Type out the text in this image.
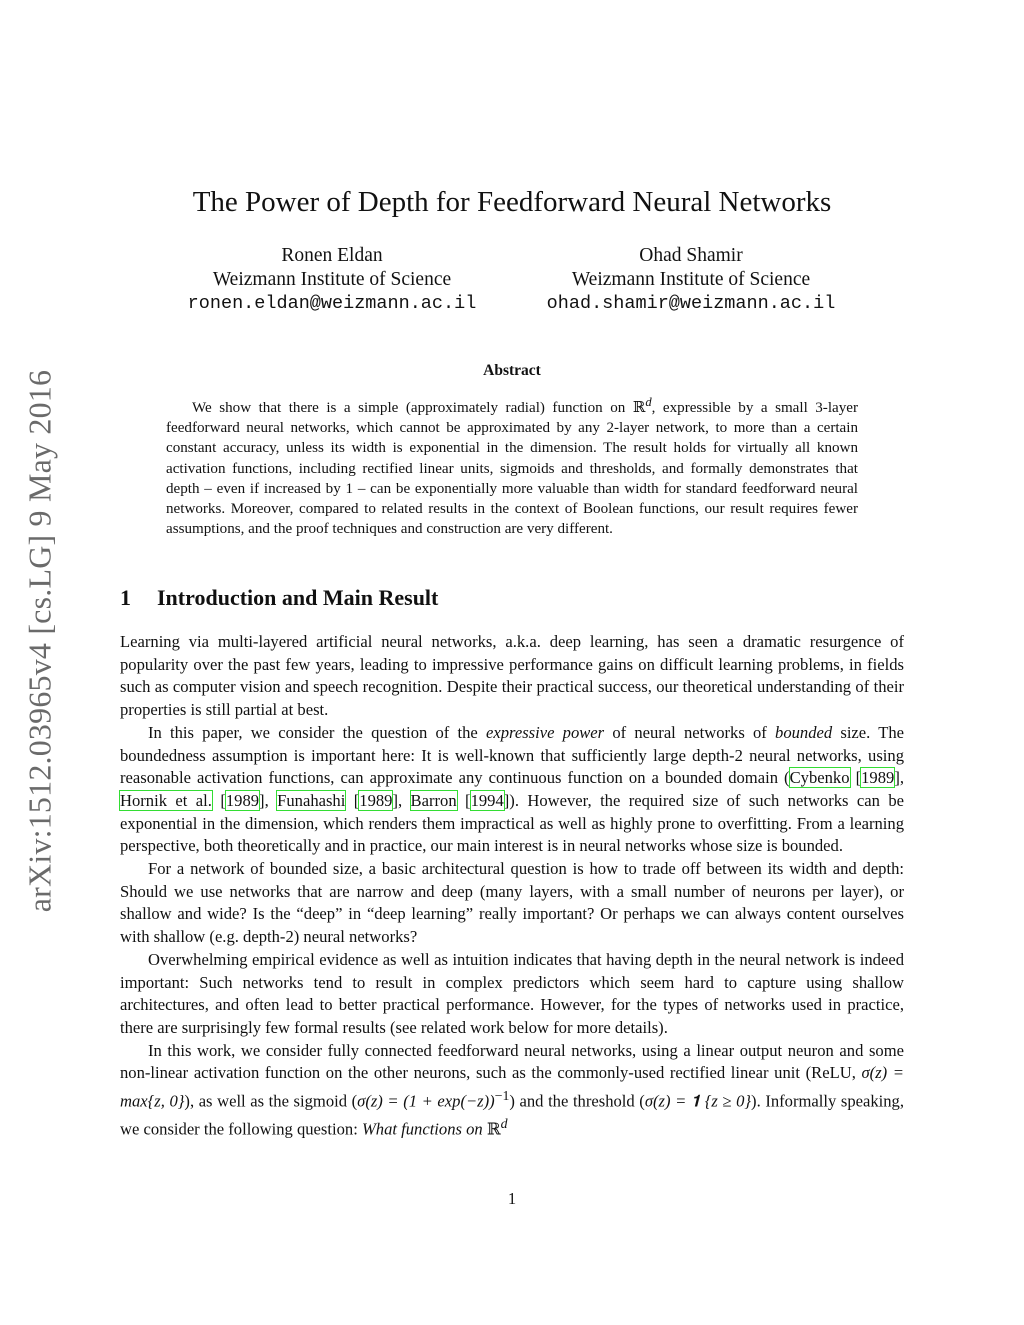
arXiv:1512.03965v4 [cs.LG] 9 May 2016
The Power of Depth for Feedforward Neural Networks
Ronen Eldan
Weizmann Institute of Science
ronen.eldan@weizmann.ac.il
Ohad Shamir
Weizmann Institute of Science
ohad.shamir@weizmann.ac.il
Abstract

We show that there is a simple (approximately radial) function on ℝ$^d$, expressible by a small 3-layer feedforward neural networks, which cannot be approximated by any 2-layer network, to more than a certain constant accuracy, unless its width is exponential in the dimension. The result holds for virtually all known activation functions, including rectified linear units, sigmoids and thresholds, and formally demonstrates that depth – even if increased by 1 – can be exponentially more valuable than width for standard feedforward neural networks. Moreover, compared to related results in the context of Boolean functions, our result requires fewer assumptions, and the proof techniques and construction are very different.

1 Introduction and Main Result

Learning via multi-layered artificial neural networks, a.k.a. deep learning, has seen a dramatic resurgence of popularity over the past few years, leading to impressive performance gains on difficult learning problems, in fields such as computer vision and speech recognition. Despite their practical success, our theoretical understanding of their properties is still partial at best.

In this paper, we consider the question of the expressive power of neural networks of bounded size. The boundedness assumption is important here: It is well-known that sufficiently large depth-2 neural networks, using reasonable activation functions, can approximate any continuous function on a bounded domain (Cybenko [1989], Hornik et al. [1989], Funahashi [1989], Barron [1994]). However, the required size of such networks can be exponential in the dimension, which renders them impractical as well as highly prone to overfitting. From a learning perspective, both theoretically and in practice, our main interest is in neural networks whose size is bounded.

For a network of bounded size, a basic architectural question is how to trade off between its width and depth: Should we use networks that are narrow and deep (many layers, with a small number of neurons per layer), or shallow and wide? Is the “deep” in “deep learning” really important? Or perhaps we can always content ourselves with shallow (e.g. depth-2) neural networks?

Overwhelming empirical evidence as well as intuition indicates that having depth in the neural network is indeed important: Such networks tend to result in complex predictors which seem hard to capture using shallow architectures, and often lead to better practical performance. However, for the types of networks used in practice, there are surprisingly few formal results (see related work below for more details).

In this work, we consider fully connected feedforward neural networks, using a linear output neuron and some non-linear activation function on the other neurons, such as the commonly-used rectified linear unit (ReLU, σ(z) = max{z, 0}), as well as the sigmoid $(\sigma(z) = (1 + \exp(-z))^{-1})$ and the threshold (σ(z) = 𝟏 {z ≥ 0}). Informally speaking, we consider the following question: What functions on ℝ$^d$

1
